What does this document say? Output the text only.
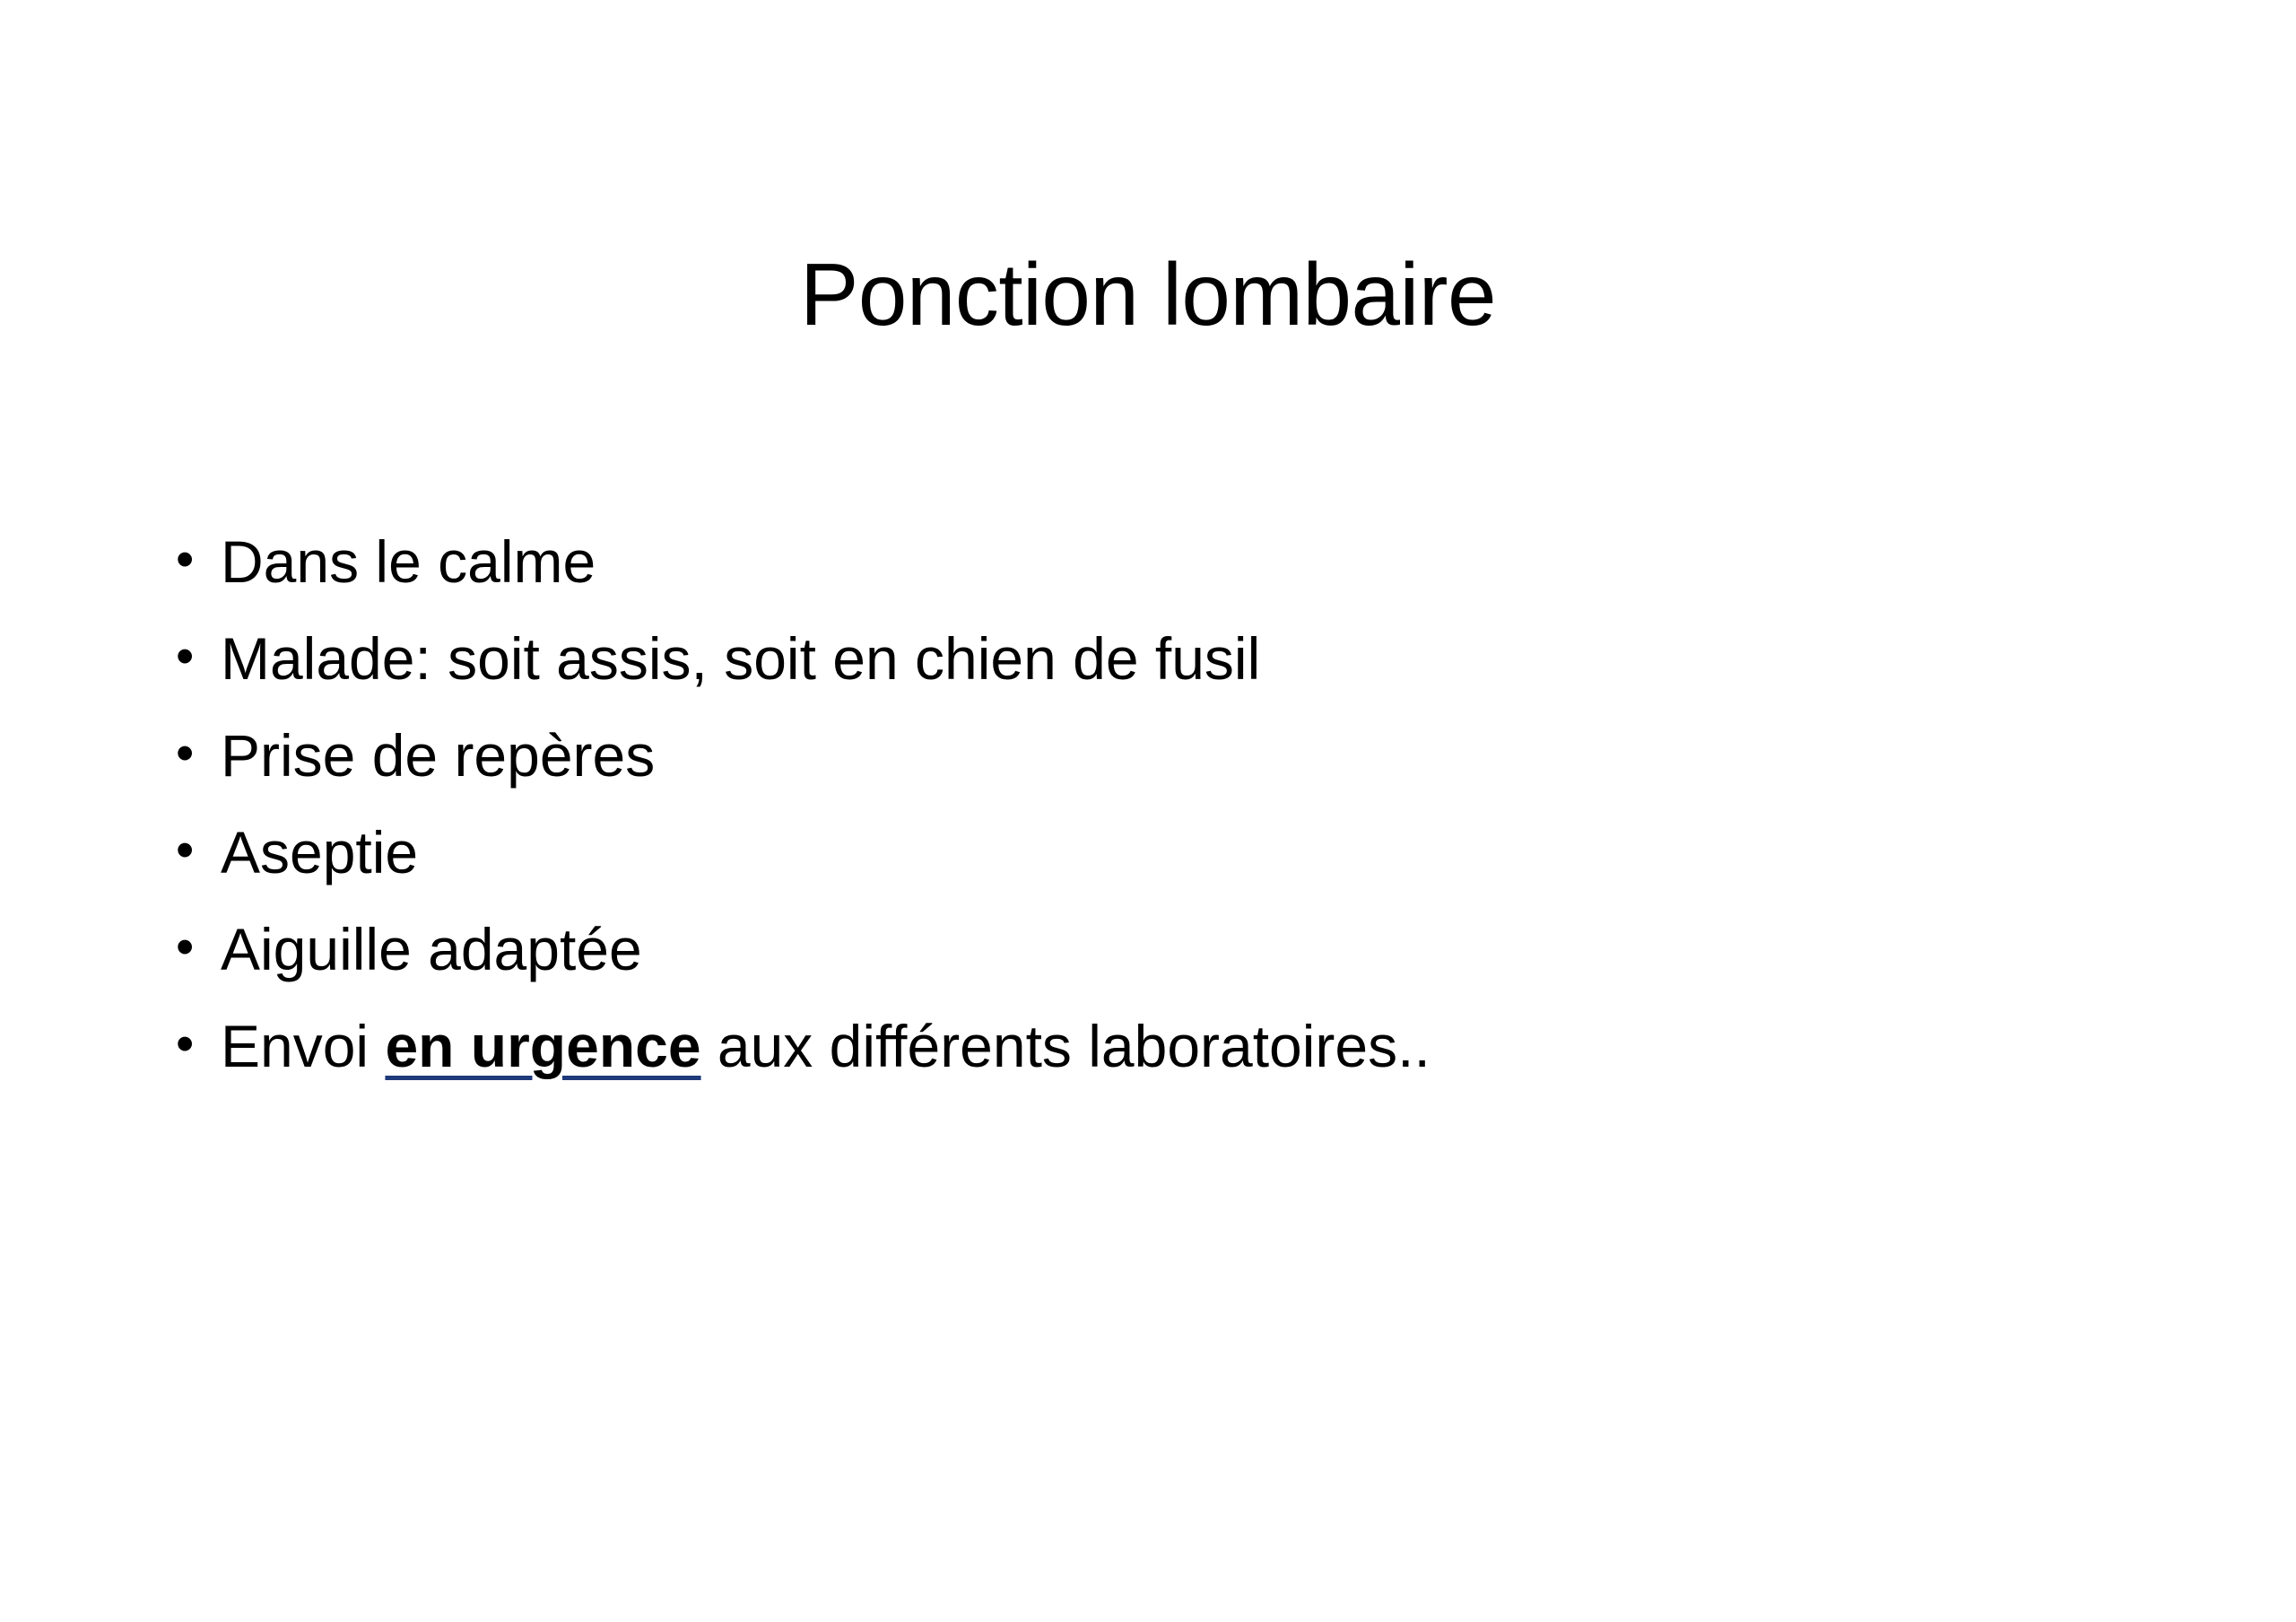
Ponction lombaire
• Dans le calme
• Malade: soit assis, soit en chien de fusil
• Prise de repères
• Aseptie
• Aiguille adaptée
• Envoi en urgence aux différents laboratoires..
